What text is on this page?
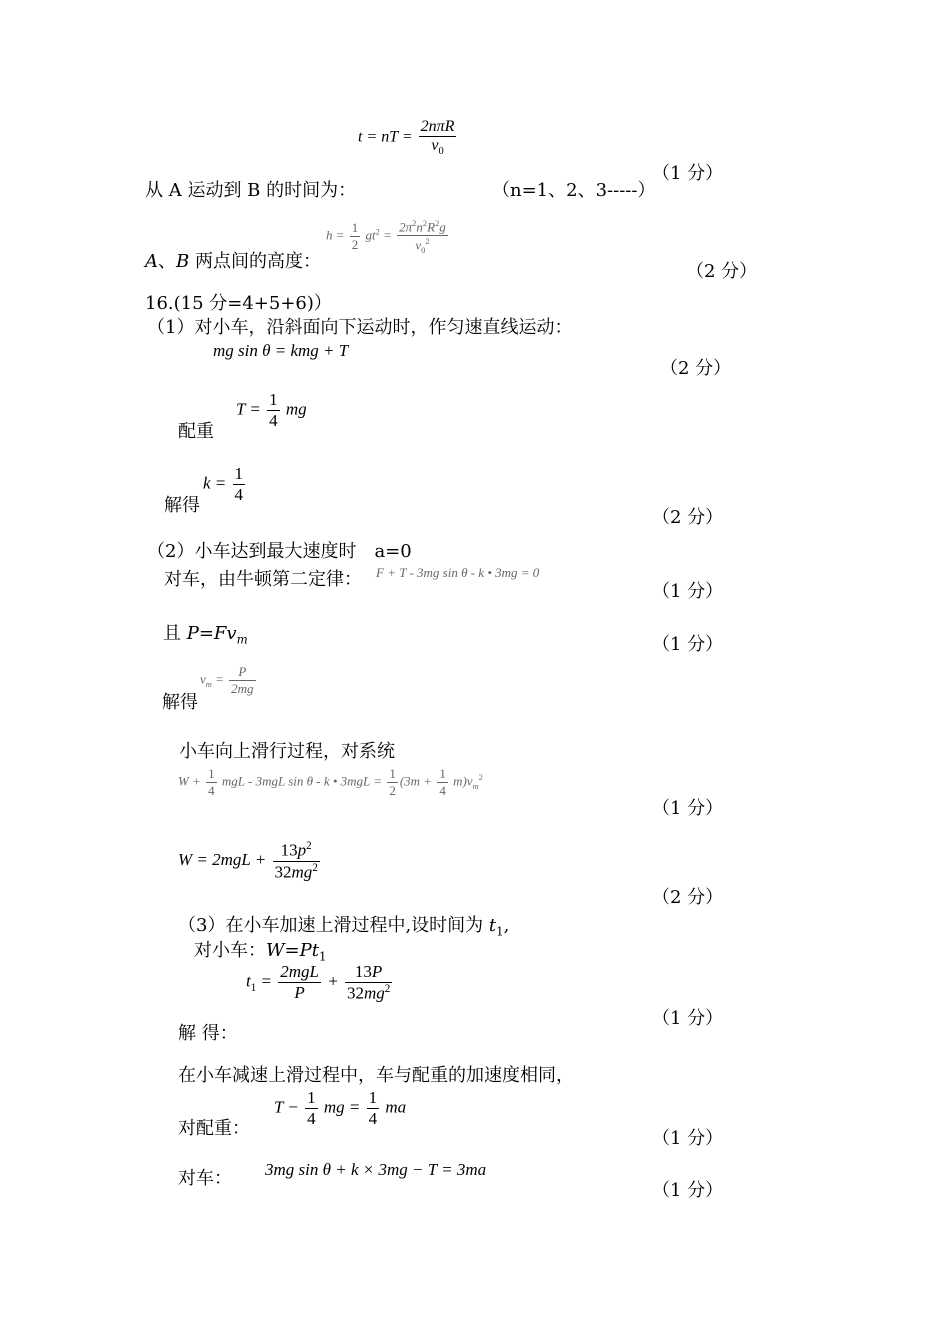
t = nT = $\frac{\text{2nπR}}{v_0}$
（1 分）
从 A 运动到 B 的时间为：	（n=1、2、3-----）
$h = \frac{1}{2} gt^2 = \frac{2\pi^2n^2R^2g}{v_0^2}$
A、B 两点间的高度：	（2 分）
16.(15 分=4+5+6)）
（1）对小车，沿斜面向下运动时，作匀速直线运动：
mg sin θ = kmg + T
（2 分）
$T = \frac{1}{4}$ mg
配重
$k = \frac{1}{4}$
解得
（2 分）
（2）小车达到最大速度时 a=0
F + T - 3mg sin θ - k • 3mg = 0
对车，由牛顿第二定律：
（1 分）
且 $P=Fv_m$	（1 分）
$v_m = \frac{P}{2mg}$
解得
小车向上滑行过程，对系统
$W + \frac{1}{4}$ mgL - 3mgL sin θ - k • $3mgL = \frac{1}{2} (3m + \frac{1}{4} m)v_m^2$
（1 分）
$W = 2mgL + \frac{13p^2}{32mg^2}$
（2 分）
（3）在小车加速上滑过程中,设时间为 $t_1$,
对小车：$W=Pt_1$
$t_1 = \frac{\text{2mgL}}{P} + \frac{13P}{32mg^2}$
（1 分）
解 得：
在小车减速上滑过程中，车与配重的加速度相同，
$T - \frac{1}{4}$ mg = $\frac{1}{4}$ ma
对配重：	（1 分）
3mg sin θ + k × 3mg − T = 3ma
对车：
（1 分）
